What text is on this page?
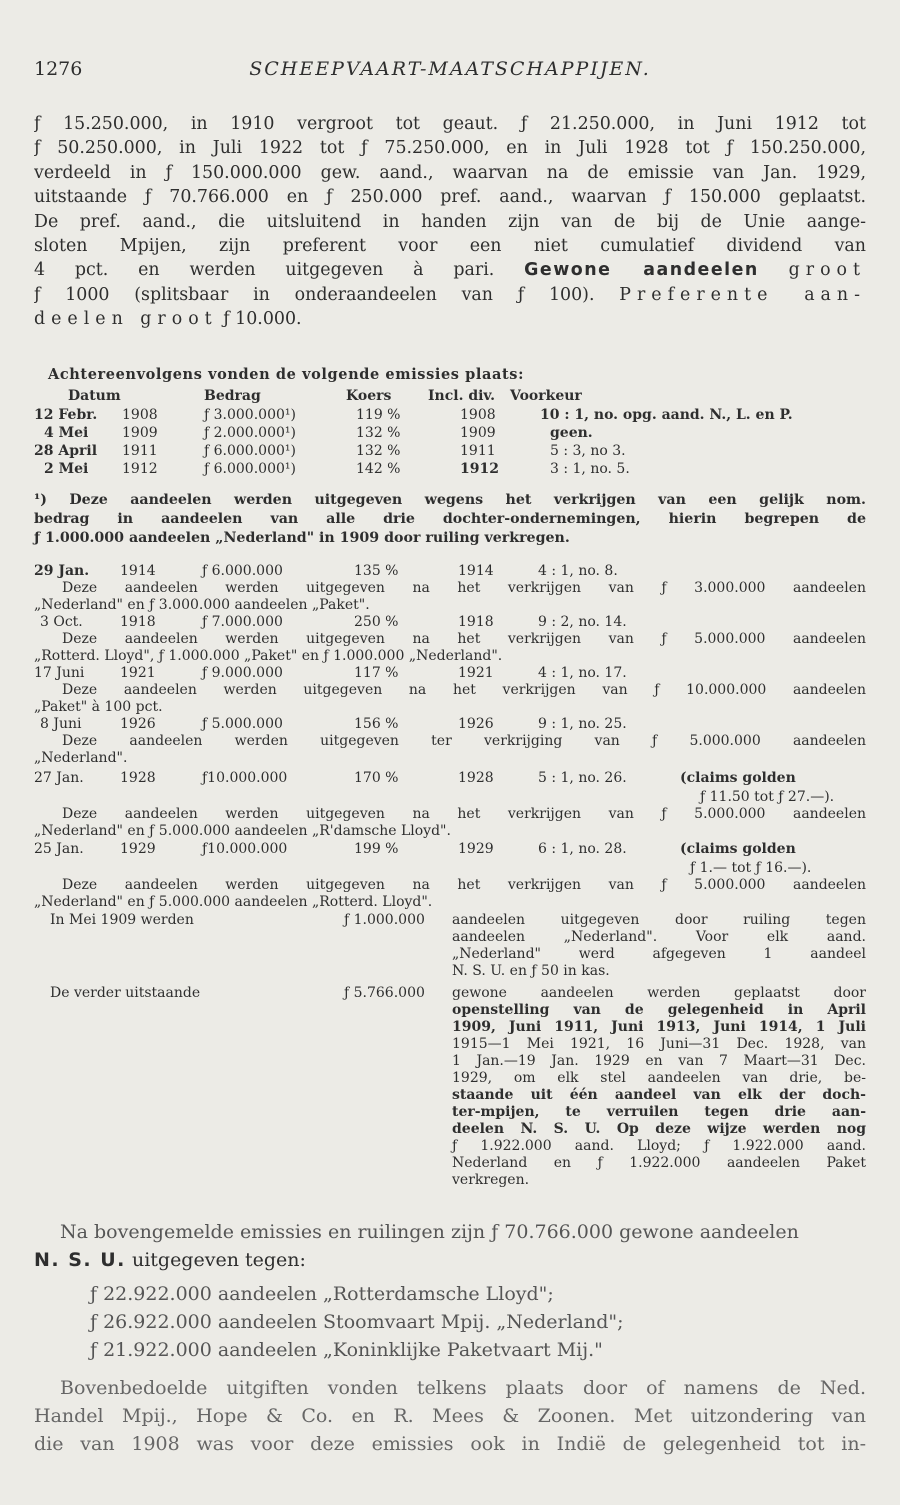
1276	SCHEEPVAART-MAATSCHAPPIJEN.
ƒ 15.250.000, in 1910 vergroot tot geaut. ƒ 21.250.000, in Juni 1912 tot
ƒ 50.250.000, in Juli 1922 tot ƒ 75.250.000, en in Juli 1928 tot ƒ 150.250.000,
verdeeld in ƒ 150.000.000 gew. aand., waarvan na de emissie van Jan. 1929,
uitstaande ƒ 70.766.000 en ƒ 250.000 pref. aand., waarvan ƒ 150.000 geplaatst.
De pref. aand., die uitsluitend in handen zijn van de bij de Unie aange-
sloten Mpijen, zijn preferent voor een niet cumulatief dividend van
4 pct. en werden uitgegeven à pari. Gewone aandeelen groot
ƒ 1000 (splitsbaar in onderaandeelen van ƒ 100). Preferente aan-
deelen groot ƒ 10.000.
Achtereenvolgens vonden de volgende emissies plaats:
Datum	Bedrag	Koers	Incl. div. Voorkeur
12 Febr. 1908	ƒ 3.000.000¹)	119 %	1908	10 : 1, no. opg. aand. N., L. en P.
4 Mei 1909	ƒ 2.000.000¹)	132 %	1909	geen.
28 April 1911	ƒ 6.000.000¹)	132 %	1911	5 : 3, no 3.
2 Mei 1912	ƒ 6.000.000¹)	142 %	1912	3 : 1, no. 5.
¹) Deze aandeelen werden uitgegeven wegens het verkrijgen van een gelijk nom.
bedrag in aandeelen van alle drie dochter-ondernemingen, hierin begrepen de
ƒ 1.000.000 aandeelen „Nederland" in 1909 door ruiling verkregen.
29 Jan. 1914	ƒ 6.000.000	135 %	1914	4 : 1, no. 8.
Deze aandeelen werden uitgegeven na het verkrijgen van ƒ 3.000.000 aandeelen
„Nederland" en ƒ 3.000.000 aandeelen „Paket".
3 Oct.	1918	ƒ 7.000.000	250 %	1918	9 : 2, no. 14.
Deze aandeelen werden uitgegeven na het verkrijgen van ƒ 5.000.000 aandeelen
„Rotterd. Lloyd", ƒ 1.000.000 „Paket" en ƒ 1.000.000 „Nederland".
17 Juni	1921	ƒ 9.000.000	117 %	1921	4 : 1, no. 17.
Deze aandeelen werden uitgegeven na het verkrijgen van ƒ 10.000.000 aandeelen
„Paket" à 100 pct.
8 Juni	1926	ƒ 5.000.000	156 %	1926	9 : 1, no. 25.
Deze aandeelen werden uitgegeven ter verkrijging van ƒ 5.000.000 aandeelen
„Nederland".
27 Jan.	1928	ƒ10.000.000	170 %	1928	5 : 1, no. 26.	(claims golden
ƒ 11.50 tot ƒ 27.—).
Deze aandeelen werden uitgegeven na het verkrijgen van ƒ 5.000.000 aandeelen
„Nederland" en ƒ 5.000.000 aandeelen „R'damsche Lloyd".
25 Jan.	1929	ƒ10.000.000	199 %	1929	6 : 1, no. 28.	(claims golden
ƒ 1.— tot ƒ 16.—).
Deze aandeelen werden uitgegeven na het verkrijgen van ƒ 5.000.000 aandeelen
„Nederland" en ƒ 5.000.000 aandeelen „Rotterd. Lloyd".
In Mei 1909 werden	ƒ 1.000.000 aandeelen uitgegeven door ruiling tegen
aandeelen „Nederland". Voor elk aand.
„Nederland" werd afgegeven 1 aandeel
N. S. U. en ƒ 50 in kas.
De verder uitstaande	ƒ 5.766.000 gewone aandeelen werden geplaatst door
openstelling van de gelegenheid in April
1909, Juni 1911, Juni 1913, Juni 1914, 1 Juli
1915—1 Mei 1921, 16 Juni—31 Dec. 1928, van
1 Jan.—19 Jan. 1929 en van 7 Maart—31 Dec.
1929, om elk stel aandeelen van drie, be-
staande uit één aandeel van elk der doch-
ter-mpijen, te verruilen tegen drie aan-
deelen N. S. U. Op deze wijze werden nog
ƒ 1.922.000 aand. Lloyd; ƒ 1.922.000 aand.
Nederland en ƒ 1.922.000 aandeelen Paket
verkregen.
Na bovengemelde emissies en ruilingen zijn ƒ 70.766.000 gewone aandeelen
N. S. U. uitgegeven tegen:
ƒ 22.922.000 aandeelen „Rotterdamsche Lloyd";
ƒ 26.922.000 aandeelen Stoomvaart Mpij. „Nederland";
ƒ 21.922.000 aandeelen „Koninklijke Paketvaart Mij."
Bovenbedoelde uitgiften vonden telkens plaats door of namens de Ned.
Handel Mpij., Hope & Co. en R. Mees & Zoonen. Met uitzondering van
die van 1908 was voor deze emissies ook in Indië de gelegenheid tot in-
